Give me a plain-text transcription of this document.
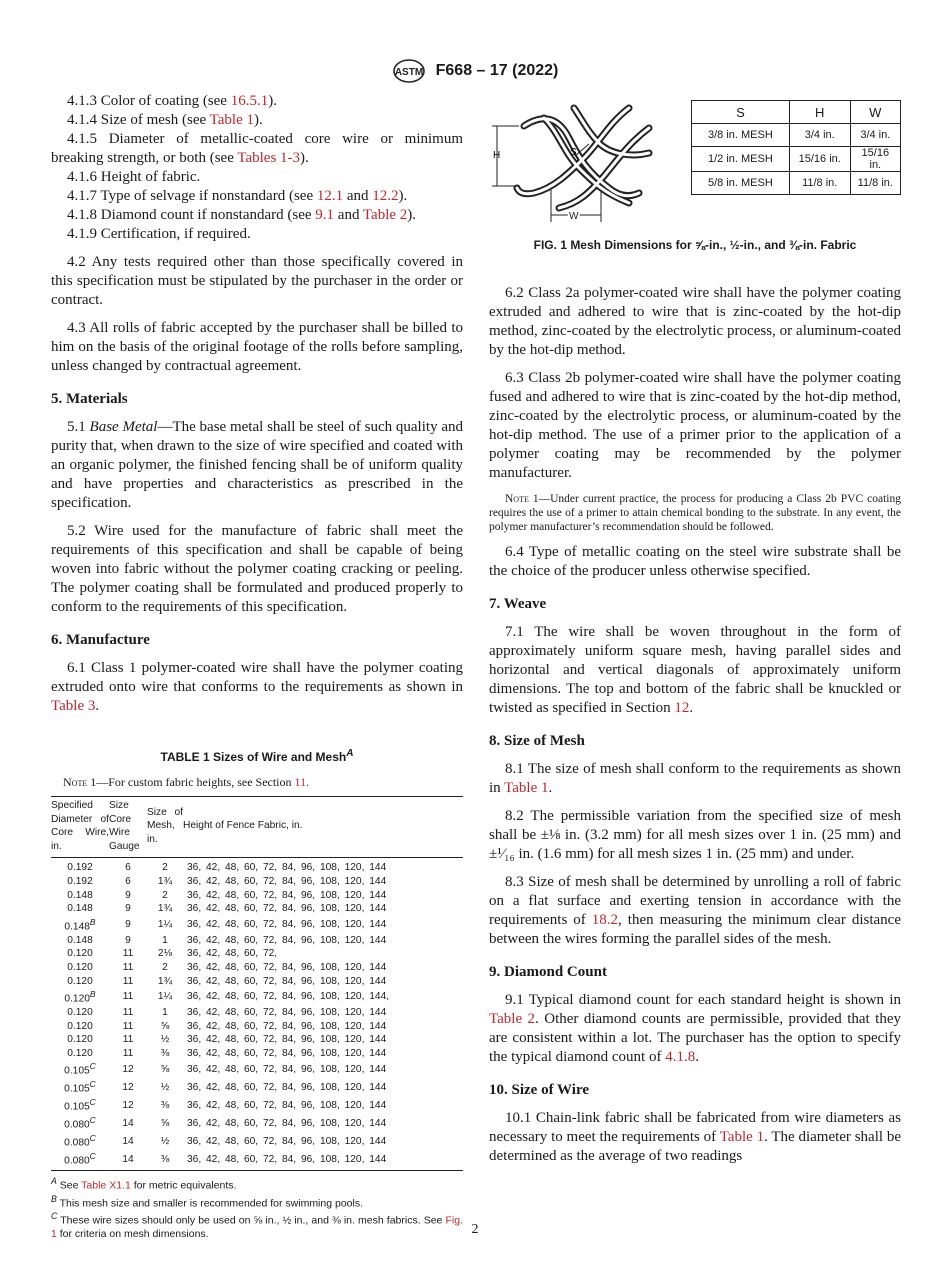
ASTM F668 – 17 (2022)

4.1.3 Color of coating (see 16.5.1).

4.1.4 Size of mesh (see Table 1).

4.1.5 Diameter of metallic-coated core wire or minimum breaking strength, or both (see Tables 1-3).

4.1.6 Height of fabric.

4.1.7 Type of selvage if nonstandard (see 12.1 and 12.2).

4.1.8 Diamond count if nonstandard (see 9.1 and Table 2).

4.1.9 Certification, if required.

4.2 Any tests required other than those specifically covered in this specification must be stipulated by the purchaser in the order or contract.

4.3 All rolls of fabric accepted by the purchaser shall be billed to him on the basis of the original footage of the rolls before sampling, unless changed by contractual agreement.

5. Materials

5.1 Base Metal—The base metal shall be steel of such quality and purity that, when drawn to the size of wire specified and coated with an organic polymer, the finished fencing shall be of uniform quality and have properties and characteristics as prescribed in the specification.

5.2 Wire used for the manufacture of fabric shall meet the requirements of this specification and shall be capable of being woven into fabric without the polymer coating cracking or peeling. The polymer coating shall be formulated and produced properly to conform to the requirements of this specification.

6. Manufacture

6.1 Class 1 polymer-coated wire shall have the polymer coating extruded onto wire that conforms to the requirements as shown in Table 3.

TABLE 1 Sizes of Wire and Mesh$^A$
Note 1—For custom fabric heights, see Section 11.
Specified Diameter of Core Wire, in.	Size Core Wire Gauge	Size of Mesh, in.	Height of Fence Fabric, in.
0.192	6	2	36, 42, 48, 60, 72, 84, 96, 108, 120, 144
0.192	6	1¾	36, 42, 48, 60, 72, 84, 96, 108, 120, 144
0.148	9	2	36, 42, 48, 60, 72, 84, 96, 108, 120, 144
0.148	9	1¾	36, 42, 48, 60, 72, 84, 96, 108, 120, 144
$0.148^B$	9	1¼	36, 42, 48, 60, 72, 84, 96, 108, 120, 144
0.148	9	1	36, 42, 48, 60, 72, 84, 96, 108, 120, 144
0.120	11	2⅛	36, 42, 48, 60, 72,
0.120	11	2	36, 42, 48, 60, 72, 84, 96, 108, 120, 144
0.120	11	1¾	36, 42, 48, 60, 72, 84, 96, 108, 120, 144
$0.120^B$	11	1¼	36, 42, 48, 60, 72, 84, 96, 108, 120, 144,
0.120	11	1	36, 42, 48, 60, 72, 84, 96, 108, 120, 144
0.120	11	⅝	36, 42, 48, 60, 72, 84, 96, 108, 120, 144
0.120	11	½	36, 42, 48, 60, 72, 84, 96, 108, 120, 144
0.120	11	⅜	36, 42, 48, 60, 72, 84, 96, 108, 120, 144
$0.105^C$	12	⅝	36, 42, 48, 60, 72, 84, 96, 108, 120, 144
$0.105^C$	12	½	36, 42, 48, 60, 72, 84, 96, 108, 120, 144
$0.105^C$	12	⅜	36, 42, 48, 60, 72, 84, 96, 108, 120, 144
$0.080^C$	14	⅝	36, 42, 48, 60, 72, 84, 96, 108, 120, 144
$0.080^C$	14	½	36, 42, 48, 60, 72, 84, 96, 108, 120, 144
$0.080^C$	14	⅜	36, 42, 48, 60, 72, 84, 96, 108, 120, 144
$^A$ See Table X1.1 for metric equivalents.
$^B$ This mesh size and smaller is recommended for swimming pools.
$^C$ These wire sizes should only be used on ⅝ in., ½ in., and ⅜ in. mesh fabrics. See Fig. 1 for criteria on mesh dimensions.
H	S
W
S	H	W
3/8 in. MESH	3/4 in.	3/4 in.
1/2 in. MESH	15/16 in.	15/16 in.
5/8 in. MESH	11/8 in.	11/8 in.
FIG. 1 Mesh Dimensions for ⅝-in., ½-in., and ⅜-in. Fabric

6.2 Class 2a polymer-coated wire shall have the polymer coating extruded and adhered to wire that is zinc-coated by the hot-dip method, zinc-coated by the electrolytic process, or aluminum-coated by the hot-dip method.

6.3 Class 2b polymer-coated wire shall have the polymer coating fused and adhered to wire that is zinc-coated by the hot-dip method, zinc-coated by the electrolytic process, or aluminum-coated by the hot-dip method. The use of a primer prior to the application of a polymer coating may be recommended by the polymer manufacturer.

Note 1—Under current practice, the process for producing a Class 2b PVC coating requires the use of a primer to attain chemical bonding to the substrate. In any event, the polymer manufacturer’s recommendation should be followed.

6.4 Type of metallic coating on the steel wire substrate shall be the choice of the producer unless otherwise specified.

7. Weave

7.1 The wire shall be woven throughout in the form of approximately uniform square mesh, having parallel sides and horizontal and vertical diagonals of approximately uniform dimensions. The top and bottom of the fabric shall be knuckled or twisted as specified in Section 12.

8. Size of Mesh

8.1 The size of mesh shall conform to the requirements as shown in Table 1.

8.2 The permissible variation from the specified size of mesh shall be ±⅛ in. (3.2 mm) for all mesh sizes over 1 in. (25 mm) and ±¹⁄₁₆ in. (1.6 mm) for all mesh sizes 1 in. (25 mm) and under.

8.3 Size of mesh shall be determined by unrolling a roll of fabric on a flat surface and exerting tension in accordance with the requirements of 18.2, then measuring the minimum clear distance between the wires forming the parallel sides of the mesh.

9. Diamond Count

9.1 Typical diamond count for each standard height is shown in Table 2. Other diamond counts are permissible, provided that they are consistent within a lot. The purchaser has the option to specify the typical diamond count of 4.1.8.

10. Size of Wire

10.1 Chain-link fabric shall be fabricated from wire diameters as necessary to meet the requirements of Table 1. The diameter shall be determined as the average of two readings

2
